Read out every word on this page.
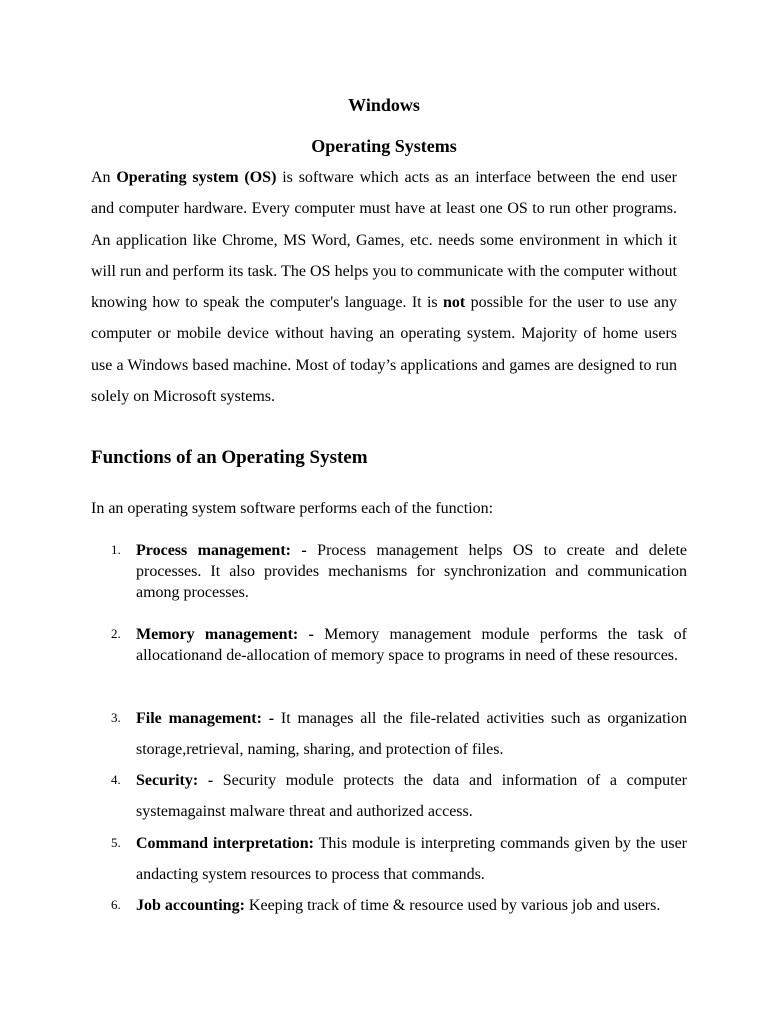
Windows
Operating Systems

An Operating system (OS) is software which acts as an interface between the end user and computer hardware. Every computer must have at least one OS to run other programs. An application like Chrome, MS Word, Games, etc. needs some environment in which it will run and perform its task. The OS helps you to communicate with the computer without knowing how to speak the computer's language. It is not possible for the user to use any computer or mobile device without having an operating system. Majority of home users use a Windows based machine. Most of today’s applications and games are designed to run solely on Microsoft systems.

Functions of an Operating System
In an operating system software performs each of the function:
1. Process management: - Process management helps OS to create and delete processes. It also provides mechanisms for synchronization and communication among processes.
2. Memory management: - Memory management module performs the task of allocationand de-allocation of memory space to programs in need of these resources.
3. File management: - It manages all the file-related activities such as organization storage,retrieval, naming, sharing, and protection of files.
4. Security: - Security module protects the data and information of a computer systemagainst malware threat and authorized access.
5. Command interpretation: This module is interpreting commands given by the user andacting system resources to process that commands.
6. Job accounting: Keeping track of time & resource used by various job and users.
